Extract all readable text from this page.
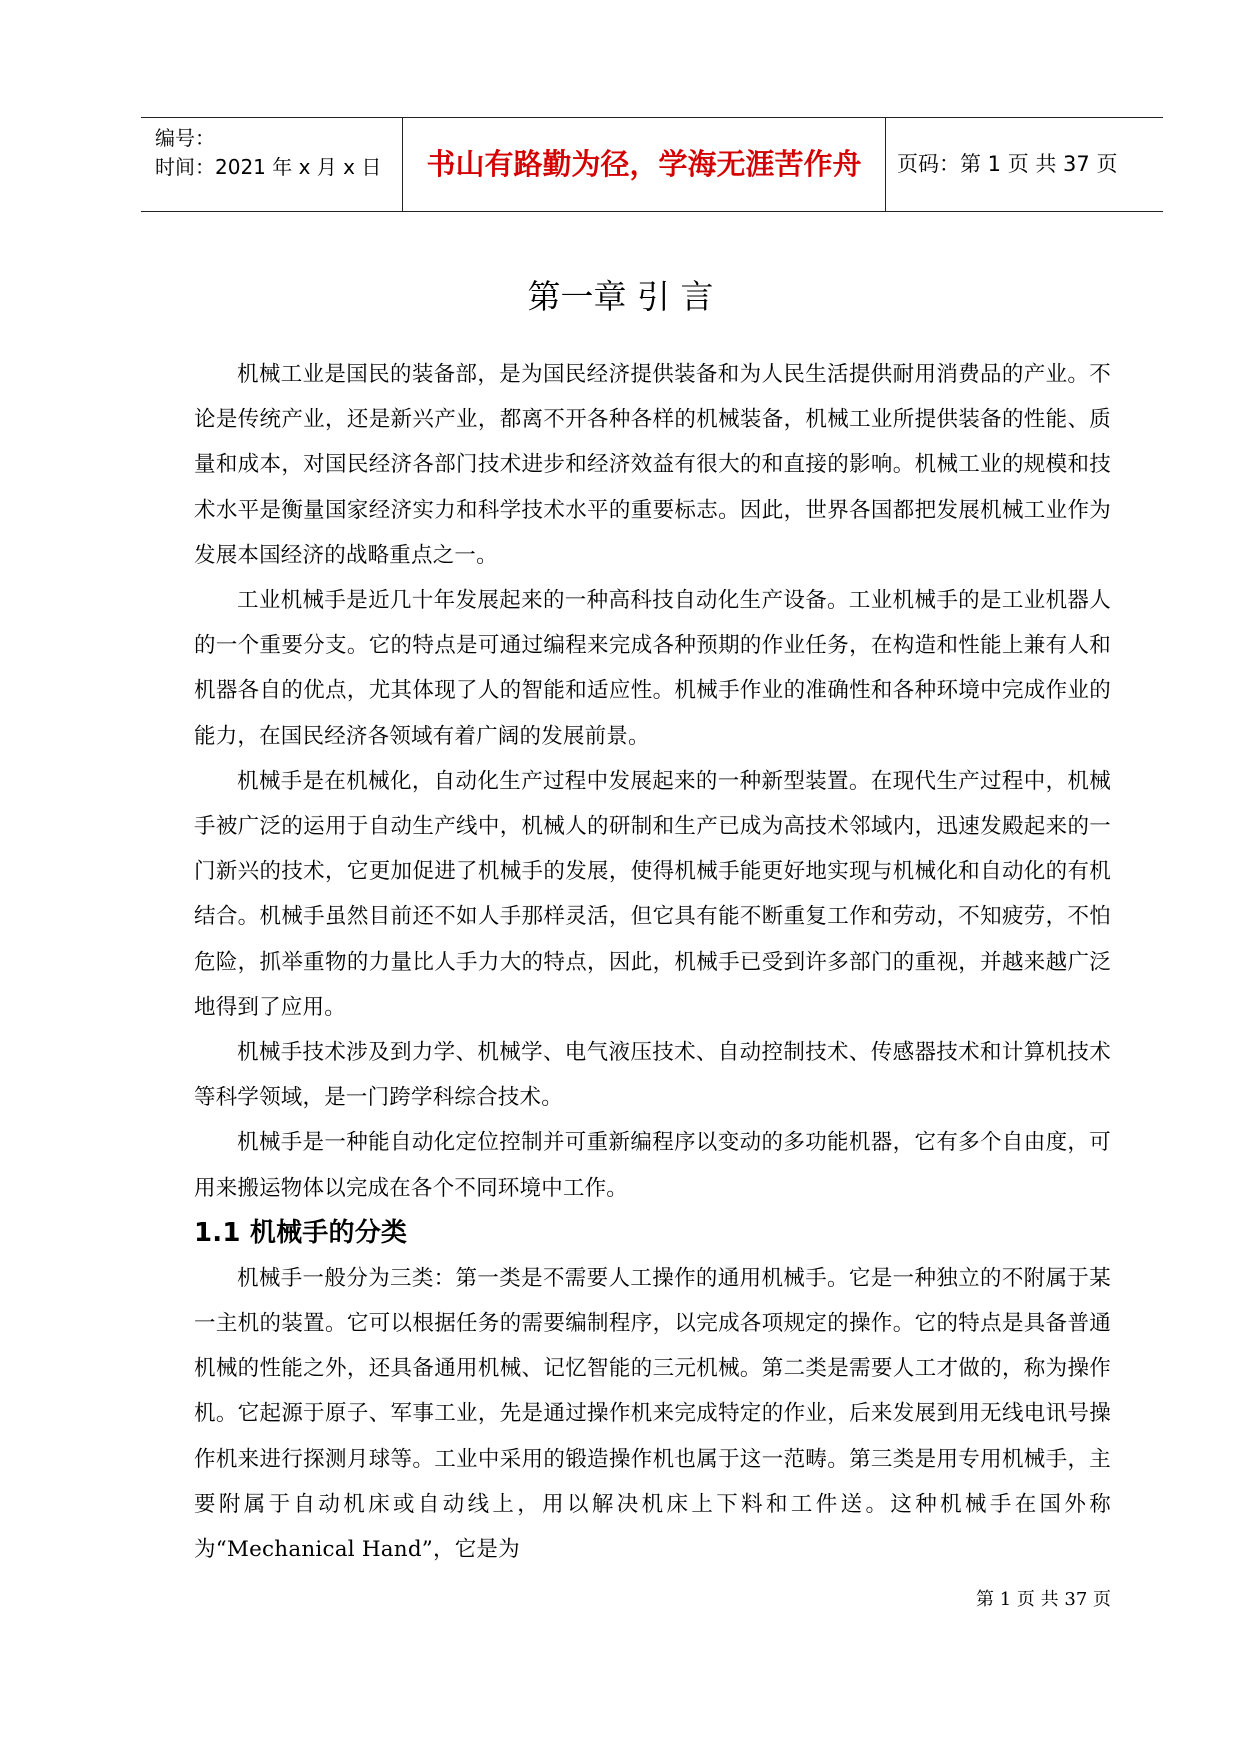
编号：
时间：2021 年 x 月 x 日	书山有路勤为径，学海无涯苦作舟	页码：第 1 页 共 37 页
第一章 引 言

机械工业是国民的装备部，是为国民经济提供装备和为人民生活提供耐用消费品的产业。不论是传统产业，还是新兴产业，都离不开各种各样的机械装备，机械工业所提供装备的性能、质量和成本，对国民经济各部门技术进步和经济效益有很大的和直接的影响。机械工业的规模和技术水平是衡量国家经济实力和科学技术水平的重要标志。因此，世界各国都把发展机械工业作为发展本国经济的战略重点之一。

工业机械手是近几十年发展起来的一种高科技自动化生产设备。工业机械手的是工业机器人的一个重要分支。它的特点是可通过编程来完成各种预期的作业任务，在构造和性能上兼有人和机器各自的优点，尤其体现了人的智能和适应性。机械手作业的准确性和各种环境中完成作业的能力，在国民经济各领域有着广阔的发展前景。

机械手是在机械化，自动化生产过程中发展起来的一种新型装置。在现代生产过程中，机械手被广泛的运用于自动生产线中，机械人的研制和生产已成为高技术邻域内，迅速发殿起来的一门新兴的技术，它更加促进了机械手的发展，使得机械手能更好地实现与机械化和自动化的有机结合。机械手虽然目前还不如人手那样灵活，但它具有能不断重复工作和劳动，不知疲劳，不怕危险，抓举重物的力量比人手力大的特点，因此，机械手已受到许多部门的重视，并越来越广泛地得到了应用。

机械手技术涉及到力学、机械学、电气液压技术、自动控制技术、传感器技术和计算机技术等科学领域，是一门跨学科综合技术。

机械手是一种能自动化定位控制并可重新编程序以变动的多功能机器，它有多个自由度，可用来搬运物体以完成在各个不同环境中工作。

1.1 机械手的分类

机械手一般分为三类：第一类是不需要人工操作的通用机械手。它是一种独立的不附属于某一主机的装置。它可以根据任务的需要编制程序，以完成各项规定的操作。它的特点是具备普通机械的性能之外，还具备通用机械、记忆智能的三元机械。第二类是需要人工才做的，称为操作机。它起源于原子、军事工业，先是通过操作机来完成特定的作业，后来发展到用无线电讯号操作机来进行探测月球等。工业中采用的锻造操作机也属于这一范畴。第三类是用专用机械手，主要附属于自动机床或自动线上，用以解决机床上下料和工件送。这种机械手在国外称为“Mechanical Hand”，它是为

第 1 页 共 37 页
